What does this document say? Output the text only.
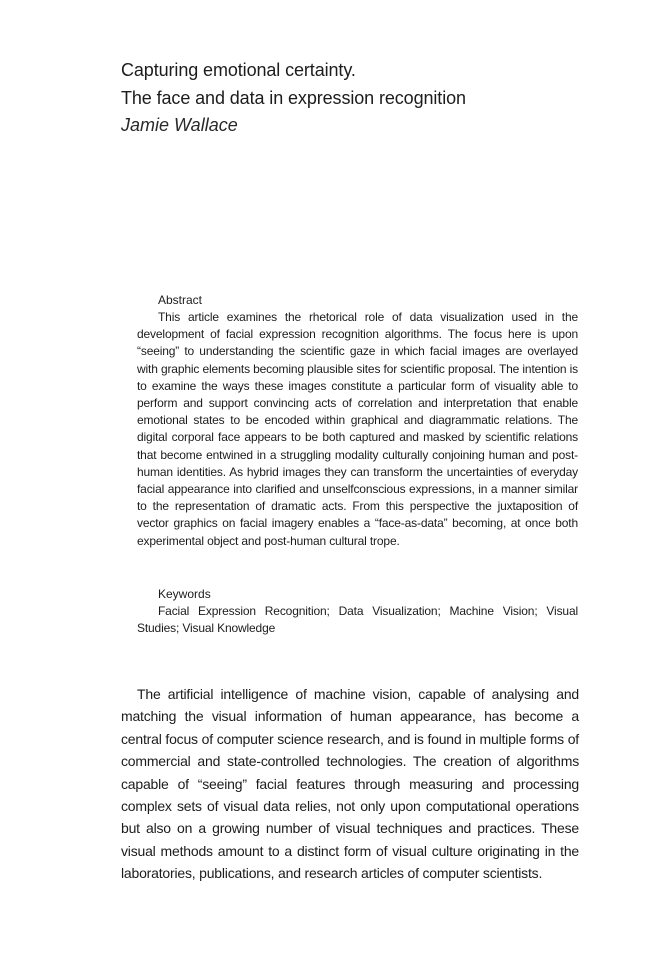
Capturing emotional certainty.
The face and data in expression recognition

Jamie Wallace

Abstract

This article examines the rhetorical role of data visualization used in the development of facial expression recognition algorithms. The focus here is upon “seeing” to understanding the scientific gaze in which facial images are overlayed with graphic elements becoming plausible sites for scientific proposal. The intention is to examine the ways these images constitute a particular form of visuality able to perform and support convincing acts of correlation and interpretation that enable emotional states to be encoded within graphical and diagrammatic relations. The digital corporal face appears to be both captured and masked by scientific relations that become entwined in a struggling modality culturally conjoining human and post-human identities. As hybrid images they can transform the uncertainties of everyday facial appearance into clarified and unselfconscious expressions, in a manner similar to the representation of dramatic acts. From this perspective the juxtaposition of vector graphics on facial imagery enables a “face-as-data” becoming, at once both experimental object and post-human cultural trope.

Keywords

Facial Expression Recognition; Data Visualization; Machine Vision; Visual Studies; Visual Knowledge

The artificial intelligence of machine vision, capable of analysing and matching the visual information of human appearance, has become a central focus of computer science research, and is found in multiple forms of commercial and state-controlled technologies. The creation of algorithms capable of “seeing” facial features through measuring and processing complex sets of visual data relies, not only upon computational operations but also on a growing number of visual techniques and practices. These visual methods amount to a distinct form of visual culture originating in the laboratories, publications, and research articles of computer scientists.
